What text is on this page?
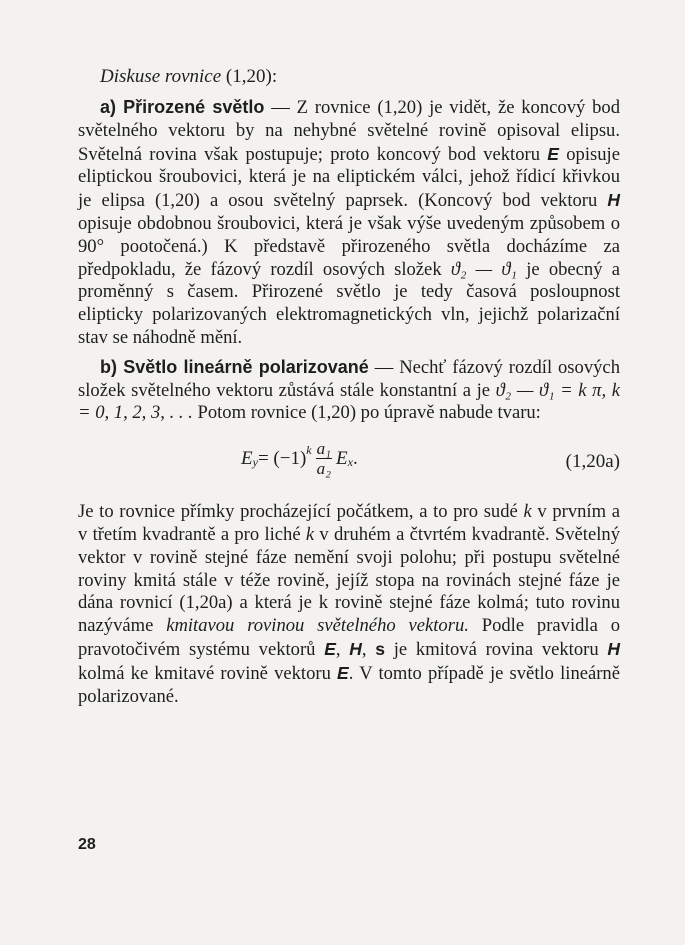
Diskuse rovnice (1,20):

a) Přirozené světlo — Z rovnice (1,20) je vidět, že koncový bod světelného vektoru by na nehybné světelné rovině opisoval elipsu. Světelná rovina však postupuje; proto koncový bod vektoru E opisuje eliptickou šroubovici, která je na eliptickém válci, jehož řídicí křivkou je elipsa (1,20) a osou světelný paprsek. (Koncový bod vektoru H opisuje obdobnou šroubovici, která je však výše uvedeným způsobem o 90° pootočená.) K představě přirozeného světla docházíme za předpokladu, že fázový rozdíl osových složek ϑ₂ — ϑ₁ je obecný a proměnný s časem. Přirozené světlo je tedy časová posloupnost elipticky polarizovaných elektromagnetických vln, jejichž polarizační stav se náhodně mění.

b) Světlo lineárně polarizované — Nechť fázový rozdíl osových složek světelného vektoru zůstává stále konstantní a je ϑ₂ — ϑ₁ = k π, k = 0, 1, 2, 3, . . . Potom rovnice (1,20) po úpravě nabude tvaru:

E y = (−1) k $\frac{\text{a₁}}{\text{a₂}}$ E x .	(1,20a)

Je to rovnice přímky procházející počátkem, a to pro sudé k v prvním a v třetím kvadrantě a pro liché k v druhém a čtvrtém kvadrantě. Světelný vektor v rovině stejné fáze nemění svoji polohu; při postupu světelné roviny kmitá stále v téže rovině, jejíž stopa na rovinách stejné fáze je dána rovnicí (1,20a) a která je k rovině stejné fáze kolmá; tuto rovinu nazýváme kmitavou rovinou světelného vektoru. Podle pravidla o pravotočivém systému vektorů E, H, s je kmitová rovina vektoru H kolmá ke kmitavé rovině vektoru E. V tomto případě je světlo lineárně polarizované.

28
